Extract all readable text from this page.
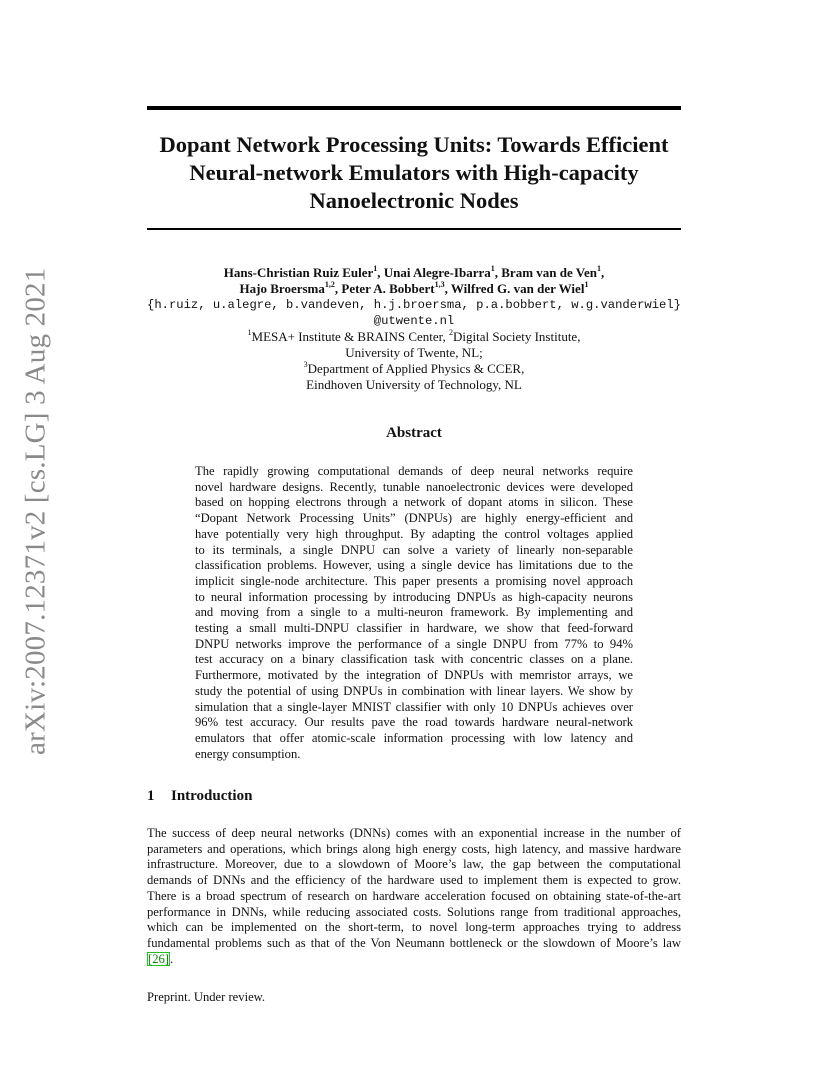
arXiv:2007.12371v2 [cs.LG] 3 Aug 2021
Dopant Network Processing Units: Towards Efficient
Neural-network Emulators with High-capacity
Nanoelectronic Nodes
Hans-Christian Ruiz Euler$^1$, Unai Alegre-Ibarra$^1$, Bram van de Ven$^1$,
Hajo Broersma$^{1,2}$, Peter A. Bobbert$^{1,3}$, Wilfred G. van der Wiel$^1$
{h.ruiz, u.alegre, b.vandeven, h.j.broersma, p.a.bobbert, w.g.vanderwiel}
@utwente.nl
$^1$MESA+ Institute & BRAINS Center, $^2$Digital Society Institute,
University of Twente, NL;
$^3$Department of Applied Physics & CCER,
Eindhoven University of Technology, NL
Abstract
The rapidly growing computational demands of deep neural networks require
novel hardware designs. Recently, tunable nanoelectronic devices were developed
based on hopping electrons through a network of dopant atoms in silicon. These
“Dopant Network Processing Units” (DNPUs) are highly energy-efficient and
have potentially very high throughput. By adapting the control voltages applied
to its terminals, a single DNPU can solve a variety of linearly non-separable
classification problems. However, using a single device has limitations due to the
implicit single-node architecture. This paper presents a promising novel approach
to neural information processing by introducing DNPUs as high-capacity neurons
and moving from a single to a multi-neuron framework. By implementing and
testing a small multi-DNPU classifier in hardware, we show that feed-forward
DNPU networks improve the performance of a single DNPU from 77% to 94%
test accuracy on a binary classification task with concentric classes on a plane.
Furthermore, motivated by the integration of DNPUs with memristor arrays, we
study the potential of using DNPUs in combination with linear layers. We show by
simulation that a single-layer MNIST classifier with only 10 DNPUs achieves over
96% test accuracy. Our results pave the road towards hardware neural-network
emulators that offer atomic-scale information processing with low latency and
energy consumption.
1 Introduction
The success of deep neural networks (DNNs) comes with an exponential increase in the number of
parameters and operations, which brings along high energy costs, high latency, and massive hardware
infrastructure. Moreover, due to a slowdown of Moore’s law, the gap between the computational
demands of DNNs and the efficiency of the hardware used to implement them is expected to grow.
There is a broad spectrum of research on hardware acceleration focused on obtaining state-of-the-art
performance in DNNs, while reducing associated costs. Solutions range from traditional approaches,
which can be implemented on the short-term, to novel long-term approaches trying to address
fundamental problems such as that of the Von Neumann bottleneck or the slowdown of Moore’s law
[26].
Preprint. Under review.
